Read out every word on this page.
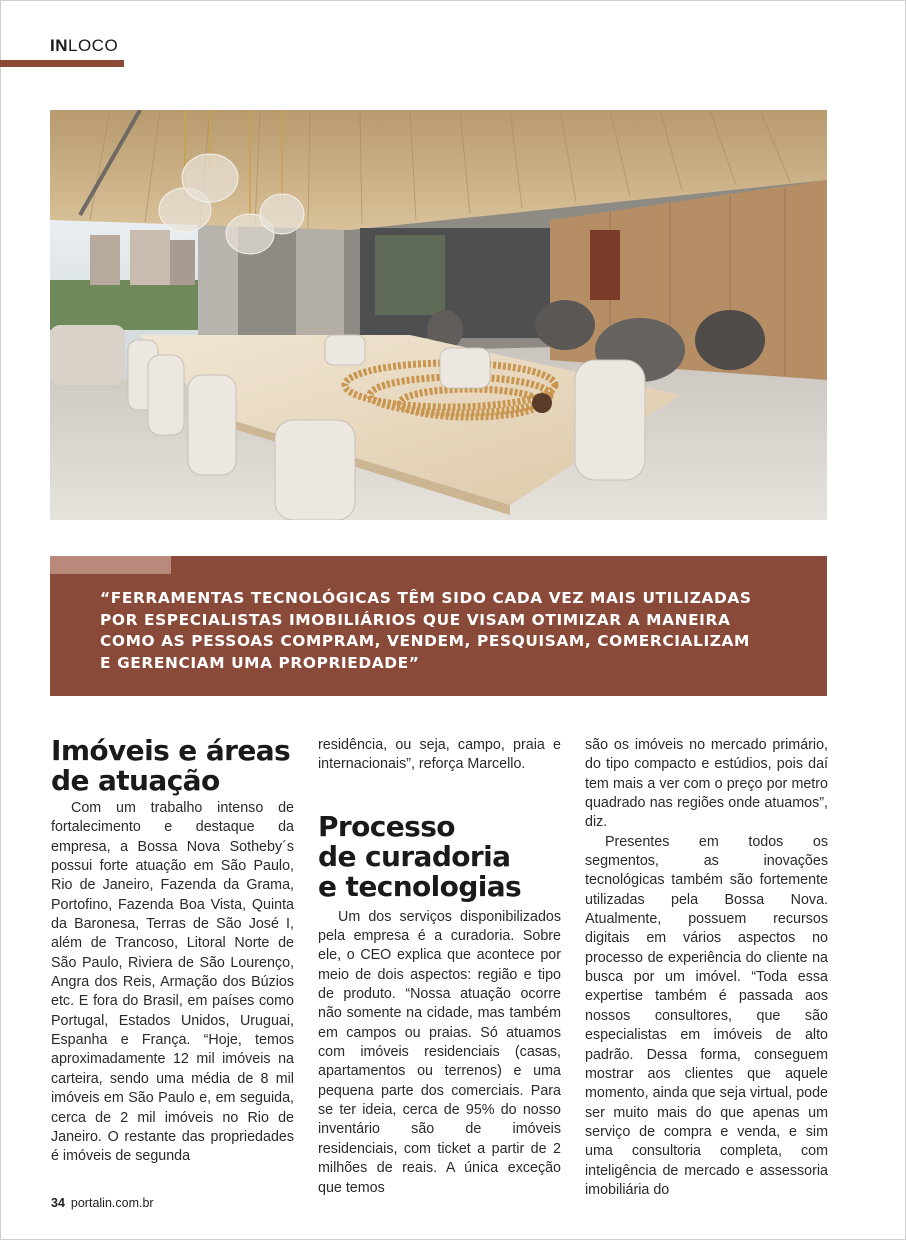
INLOCO
“FERRAMENTAS TECNOLÓGICAS TÊM SIDO CADA VEZ MAIS UTILIZADAS
POR ESPECIALISTAS IMOBILIÁRIOS QUE VISAM OTIMIZAR A MANEIRA
COMO AS PESSOAS COMPRAM, VENDEM, PESQUISAM, COMERCIALIZAM
E GERENCIAM UMA PROPRIEDADE”
Imóveis e áreas
de atuação

Com um trabalho intenso de fortalecimento e destaque da empresa, a Bossa Nova Sotheby´s possui forte atuação em São Paulo, Rio de Janeiro, Fazenda da Grama, Portofino, Fazenda Boa Vista, Quinta da Baronesa, Terras de São José I, além de Trancoso, Litoral Norte de São Paulo, Riviera de São Lourenço, Angra dos Reis, Armação dos Búzios etc. E fora do Brasil, em países como Portugal, Estados Unidos, Uruguai, Espanha e França. “Hoje, temos aproximadamente 12 mil imóveis na carteira, sendo uma média de 8 mil imóveis em São Paulo e, em seguida, cerca de 2 mil imóveis no Rio de Janeiro. O restante das propriedades é imóveis de segunda

residência, ou seja, campo, praia e internacionais”, reforça Marcello.

Processo
de curadoria
e tecnologias

Um dos serviços disponibilizados pela empresa é a curadoria. Sobre ele, o CEO explica que acontece por meio de dois aspectos: região e tipo de produto. “Nossa atuação ocorre não somente na cidade, mas também em campos ou praias. Só atuamos com imóveis residenciais (casas, apartamentos ou terrenos) e uma pequena parte dos comerciais. Para se ter ideia, cerca de 95% do nosso inventário são de imóveis residenciais, com ticket a partir de 2 milhões de reais. A única exceção que temos

são os imóveis no mercado primário, do tipo compacto e estúdios, pois daí tem mais a ver com o preço por metro quadrado nas regiões onde atuamos”, diz.

Presentes em todos os segmentos, as inovações tecnológicas também são fortemente utilizadas pela Bossa Nova. Atualmente, possuem recursos digitais em vários aspectos no processo de experiência do cliente na busca por um imóvel. “Toda essa expertise também é passada aos nossos consultores, que são especialistas em imóveis de alto padrão. Dessa forma, conseguem mostrar aos clientes que aquele momento, ainda que seja virtual, pode ser muito mais do que apenas um serviço de compra e venda, e sim uma consultoria completa, com inteligência de mercado e assessoria imobiliária do

34 portalin.com.br
